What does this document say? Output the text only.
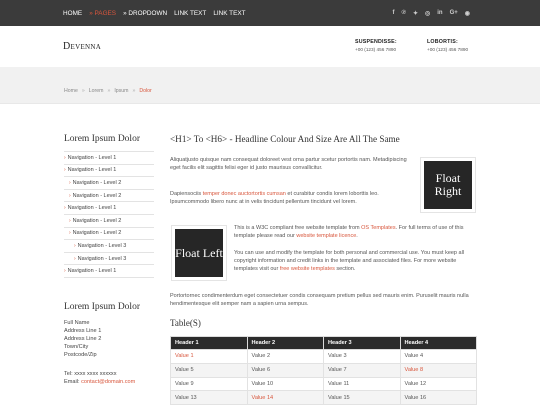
HOME » PAGES » DROPDOWN LINK TEXT LINK TEXT	f ℗ ✦ ◎ in G+ ◉
Devenna	SUSPENDISSE:
+00 (123) 456 7890
LOBORTIS:
+00 (123) 456 7890
Home » Lorem » Ipsum » Dolor
Lorem Ipsum Dolor
› Navigation - Level 1
› Navigation - Level 1
› Navigation - Level 2
› Navigation - Level 2
› Navigation - Level 1
› Navigation - Level 2
› Navigation - Level 2
› Navigation - Level 3
› Navigation - Level 3
› Navigation - Level 1
Lorem Ipsum Dolor
Full Name
Address Line 1
Address Line 2
Town/City
Postcode/Zip
Tel: xxxx xxxx xxxxxx
Email: contact@domain.com
<H1> To <H6> - Headline Colour And Size Are All The Same
Aliquatjusto quisque nam consequat doloreet vest orna partur scetur portortis nam. Metadipiscing eget facilis elit sagittis felisi eger id justo maurisus convallicitur.
Dapiensociis temper donec auctortortis cumsan et curabitur condis lorem loborttis leo. Ipsumcommodo libero nunc at in velis tincidunt pellentum tincidunt vel lorem.
Float Right
Float Left
This is a W3C compliant free website template from OS Templates. For full terms of use of this template please read our website template licence.
You can use and modify the template for both personal and commercial use. You must keep all copyright information and credit links in the template and associated files. For more website templates visit our free website templates section.
Portortornec condimenterdum eget consectetuer condis consequam pretium pellus sed mauris enim. Puruselit mauris nulla hendimentesque elit semper nam a sapien urna sempus.
Table(S)
Header 1	Header 2	Header 3	Header 4
Value 1	Value 2	Value 3	Value 4
Value 5	Value 6	Value 7	Value 8
Value 9	Value 10	Value 11	Value 12
Value 13	Value 14	Value 15	Value 16
